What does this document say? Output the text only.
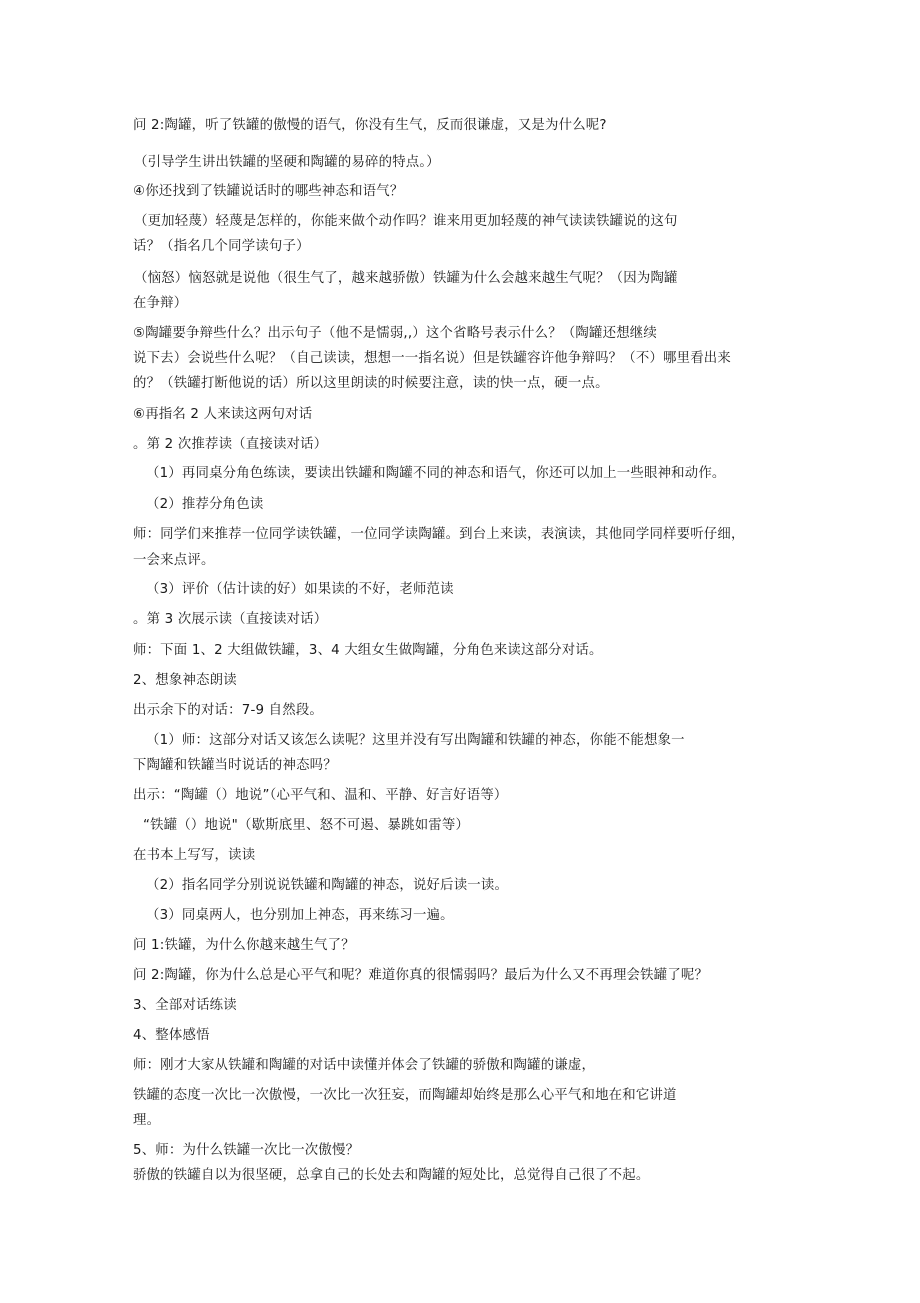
问 2:陶罐，听了铁罐的傲慢的语气，你没有生气，反而很谦虚，又是为什么呢?

（引导学生讲出铁罐的坚硬和陶罐的易碎的特点。）

④你还找到了铁罐说话时的哪些神态和语气？

（更加轻蔑）轻蔑是怎样的，你能来做个动作吗？谁来用更加轻蔑的神气读读铁罐说的这句

话？（指名几个同学读句子）

（恼怒）恼怒就是说他（很生气了，越来越骄傲）铁罐为什么会越来越生气呢？（因为陶罐

在争辩）

⑤陶罐要争辩些什么？出示句子（他不是懦弱,,）这个省略号表示什么？（陶罐还想继续

说下去）会说些什么呢？（自己读读，想想一一指名说）但是铁罐容许他争辩吗？（不）哪里看出来

的？（铁罐打断他说的话）所以这里朗读的时候要注意，读的快一点，硬一点。

⑥再指名 2 人来读这两句对话

。第 2 次推荐读（直接读对话）

（1）再同桌分角色练读，要读出铁罐和陶罐不同的神态和语气，你还可以加上一些眼神和动作。

（2）推荐分角色读

师：同学们来推荐一位同学读铁罐，一位同学读陶罐。到台上来读，表演读，其他同学同样要听仔细，

一会来点评。

（3）评价（估计读的好）如果读的不好，老师范读

。第 3 次展示读（直接读对话）

师：下面 1、2 大组做铁罐，3、4 大组女生做陶罐，分角色来读这部分对话。

2、想象神态朗读

出示余下的对话：7-9 自然段。

（1）师：这部分对话又该怎么读呢？这里并没有写出陶罐和铁罐的神态，你能不能想象一

下陶罐和铁罐当时说话的神态吗？

出示：“陶罐（）地说”（心平气和、温和、平静、好言好语等）

“铁罐（）地说"（歇斯底里、怒不可遏、暴跳如雷等）

在书本上写写，读读

（2）指名同学分别说说铁罐和陶罐的神态，说好后读一读。

（3）同桌两人，也分别加上神态，再来练习一遍。

问 1:铁罐，为什么你越来越生气了？

问 2:陶罐，你为什么总是心平气和呢？难道你真的很懦弱吗？最后为什么又不再理会铁罐了呢？

3、全部对话练读

4、整体感悟

师：刚才大家从铁罐和陶罐的对话中读懂并体会了铁罐的骄傲和陶罐的谦虚，

铁罐的态度一次比一次傲慢，一次比一次狂妄，而陶罐却始终是那么心平气和地在和它讲道

理。

5、师：为什么铁罐一次比一次傲慢？

骄傲的铁罐自以为很坚硬，总拿自己的长处去和陶罐的短处比，总觉得自己很了不起。
